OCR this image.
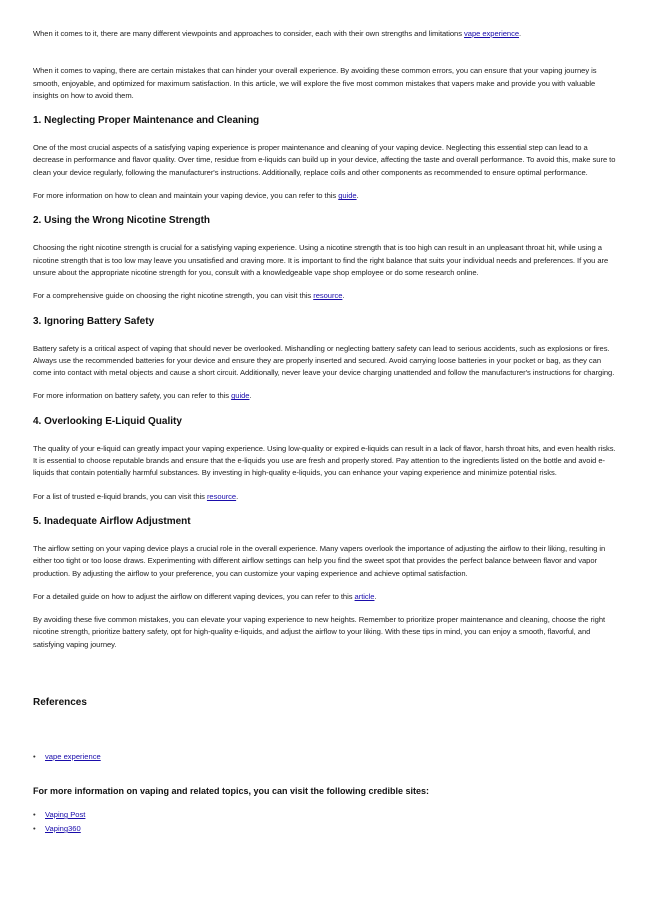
When it comes to it, there are many different viewpoints and approaches to consider, each with their own strengths and limitations vape experience.

When it comes to vaping, there are certain mistakes that can hinder your overall experience. By avoiding these common errors, you can ensure that your vaping journey is smooth, enjoyable, and optimized for maximum satisfaction. In this article, we will explore the five most common mistakes that vapers make and provide you with valuable insights on how to avoid them.

1. Neglecting Proper Maintenance and Cleaning

One of the most crucial aspects of a satisfying vaping experience is proper maintenance and cleaning of your vaping device. Neglecting this essential step can lead to a decrease in performance and flavor quality. Over time, residue from e-liquids can build up in your device, affecting the taste and overall performance. To avoid this, make sure to clean your device regularly, following the manufacturer's instructions. Additionally, replace coils and other components as recommended to ensure optimal performance.

For more information on how to clean and maintain your vaping device, you can refer to this guide.

2. Using the Wrong Nicotine Strength

Choosing the right nicotine strength is crucial for a satisfying vaping experience. Using a nicotine strength that is too high can result in an unpleasant throat hit, while using a nicotine strength that is too low may leave you unsatisfied and craving more. It is important to find the right balance that suits your individual needs and preferences. If you are unsure about the appropriate nicotine strength for you, consult with a knowledgeable vape shop employee or do some research online.

For a comprehensive guide on choosing the right nicotine strength, you can visit this resource.

3. Ignoring Battery Safety

Battery safety is a critical aspect of vaping that should never be overlooked. Mishandling or neglecting battery safety can lead to serious accidents, such as explosions or fires. Always use the recommended batteries for your device and ensure they are properly inserted and secured. Avoid carrying loose batteries in your pocket or bag, as they can come into contact with metal objects and cause a short circuit. Additionally, never leave your device charging unattended and follow the manufacturer's instructions for charging.

For more information on battery safety, you can refer to this guide.

4. Overlooking E-Liquid Quality

The quality of your e-liquid can greatly impact your vaping experience. Using low-quality or expired e-liquids can result in a lack of flavor, harsh throat hits, and even health risks. It is essential to choose reputable brands and ensure that the e-liquids you use are fresh and properly stored. Pay attention to the ingredients listed on the bottle and avoid e-liquids that contain potentially harmful substances. By investing in high-quality e-liquids, you can enhance your vaping experience and minimize potential risks.

For a list of trusted e-liquid brands, you can visit this resource.

5. Inadequate Airflow Adjustment

The airflow setting on your vaping device plays a crucial role in the overall experience. Many vapers overlook the importance of adjusting the airflow to their liking, resulting in either too tight or too loose draws. Experimenting with different airflow settings can help you find the sweet spot that provides the perfect balance between flavor and vapor production. By adjusting the airflow to your preference, you can customize your vaping experience and achieve optimal satisfaction.

For a detailed guide on how to adjust the airflow on different vaping devices, you can refer to this article.

By avoiding these five common mistakes, you can elevate your vaping experience to new heights. Remember to prioritize proper maintenance and cleaning, choose the right nicotine strength, prioritize battery safety, opt for high-quality e-liquids, and adjust the airflow to your liking. With these tips in mind, you can enjoy a smooth, flavorful, and satisfying vaping journey.

References
• vape experience
For more information on vaping and related topics, you can visit the following credible sites:
• Vaping Post
• Vaping360
